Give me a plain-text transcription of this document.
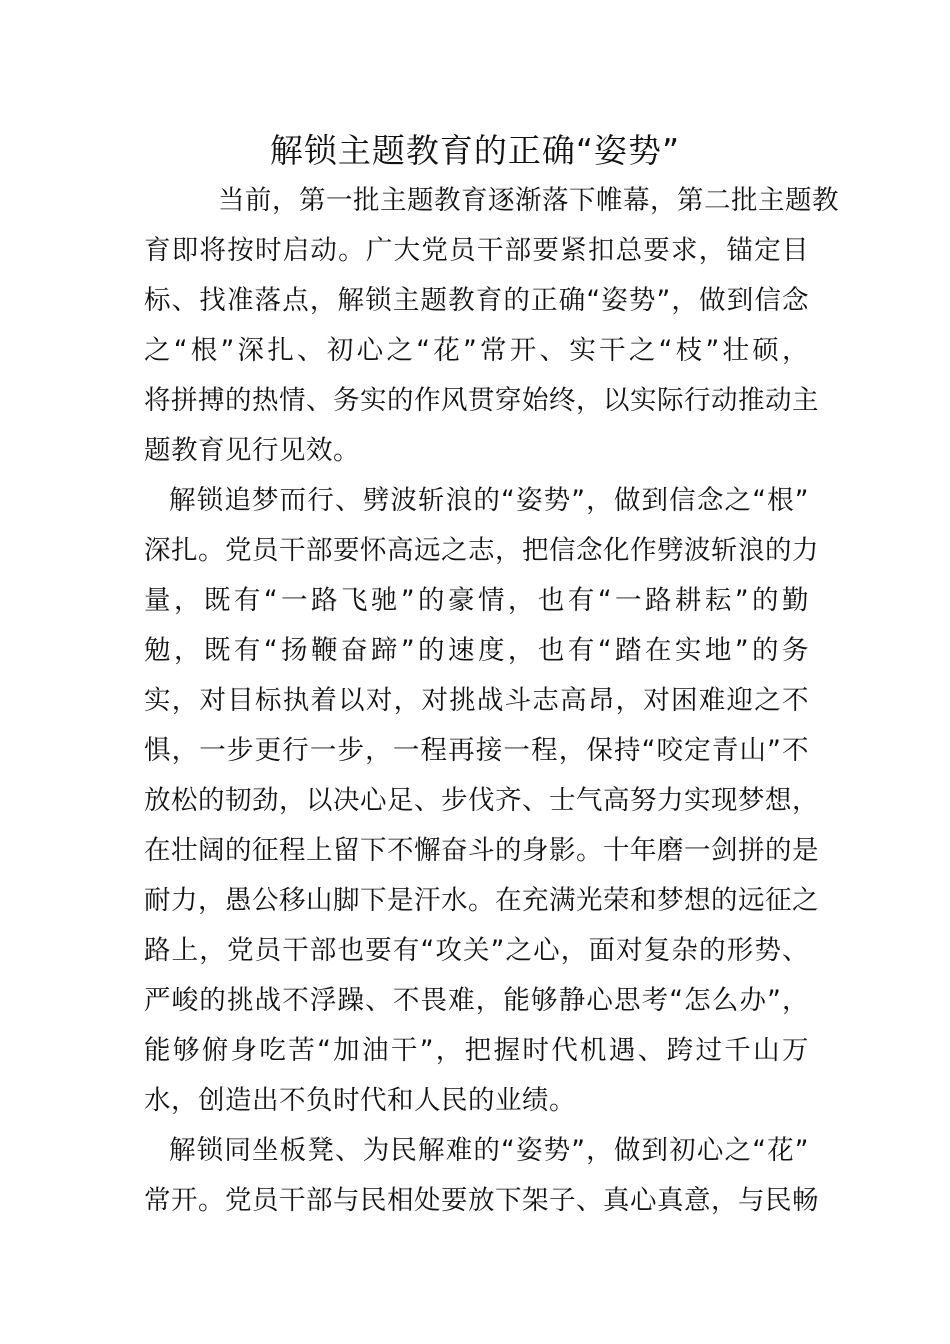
解锁主题教育的正确“姿势”
当前，第一批主题教育逐渐落下帷幕，第二批主题教
育即将按时启动。广大党员干部要紧扣总要求，锚定目
标、找准落点，解锁主题教育的正确“姿势”，做到信念
之“根”深扎、初心之“花”常开、实干之“枝”壮硕，
将拼搏的热情、务实的作风贯穿始终，以实际行动推动主
题教育见行见效。
解锁追梦而行、劈波斩浪的“姿势”，做到信念之“根”
深扎。党员干部要怀高远之志，把信念化作劈波斩浪的力
量，既有“一路飞驰”的豪情，也有“一路耕耘”的勤
勉，既有“扬鞭奋蹄”的速度，也有“踏在实地”的务
实，对目标执着以对，对挑战斗志高昂，对困难迎之不
惧，一步更行一步，一程再接一程，保持“咬定青山”不
放松的韧劲，以决心足、步伐齐、士气高努力实现梦想，
在壮阔的征程上留下不懈奋斗的身影。十年磨一剑拼的是
耐力，愚公移山脚下是汗水。在充满光荣和梦想的远征之
路上，党员干部也要有“攻关”之心，面对复杂的形势、
严峻的挑战不浮躁、不畏难，能够静心思考“怎么办”，
能够俯身吃苦“加油干”，把握时代机遇、跨过千山万
水，创造出不负时代和人民的业绩。
解锁同坐板凳、为民解难的“姿势”，做到初心之“花”
常开。党员干部与民相处要放下架子、真心真意，与民畅
